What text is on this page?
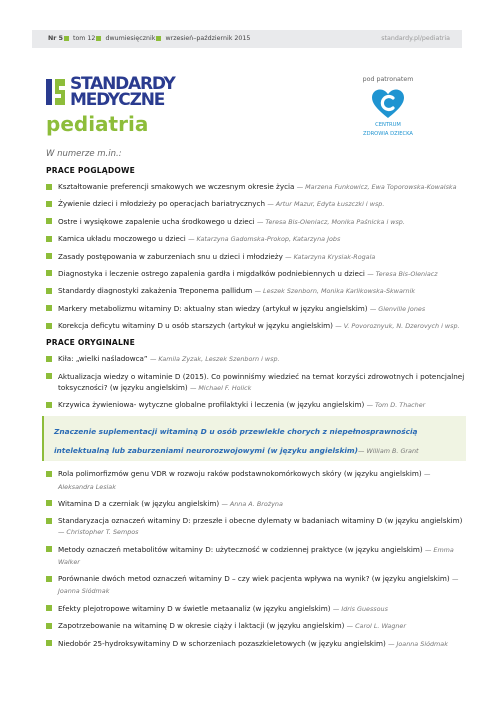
Nr 5 tom 12 dwumiesięcznik wrzesień–październik 2015	standardy.pl/pediatria
STANDARDY
MEDYCZNE
pediatria
pod patronatem
CENTRUM
ZDROWIA DZIECKA
W numerze m.in.:
PRACE POGLĄDOWE
Kształtowanie preferencji smakowych we wczesnym okresie życia — Marzena Funkowicz, Ewa Toporowska-Kowalska
Żywienie dzieci i młodzieży po operacjach bariatrycznych — Artur Mazur, Edyta Łuszczki i wsp.
Ostre i wysiękowe zapalenie ucha środkowego u dzieci — Teresa Bis-Oleniacz, Monika Paśnicka i wsp.
Kamica układu moczowego u dzieci — Katarzyna Gadomska-Prokop, Katarzyna Jobs
Zasady postępowania w zaburzeniach snu u dzieci i młodzieży — Katarzyna Krysiak-Rogala
Diagnostyka i leczenie ostrego zapalenia gardła i migdałków podniebiennych u dzieci — Teresa Bis-Oleniacz
Standardy diagnostyki zakażenia Treponema pallidum — Leszek Szenborn, Monika Karlikowska-Skwarnik
Markery metabolizmu witaminy D: aktualny stan wiedzy (artykuł w języku angielskim) — Glenville Jones
Korekcja deficytu witaminy D u osób starszych (artykuł w języku angielskim) — V. Povoroznyuk, N. Dzerovych i wsp.
PRACE ORYGINALNE
Kiła: „wielki naśladowca” — Kamila Zyzak, Leszek Szenborn i wsp.
Aktualizacja wiedzy o witaminie D (2015). Co powinniśmy wiedzieć na temat korzyści zdrowotnych i potencjalnej toksyczności? (w języku angielskim) — Michael F. Holick
Krzywica żywieniowa- wytyczne globalne profilaktyki i leczenia (w języku angielskim) — Tom D. Thacher
Znaczenie suplementacji witaminą D u osób przewlekle chorych z niepełnosprawnością intelektualną lub zaburzeniami neurorozwojowymi (w języku angielskim)— William B. Grant
Rola polimorfizmów genu VDR w rozwoju raków podstawnokomórkowych skóry (w języku angielskim) — Aleksandra Lesiak
Witamina D a czerniak (w języku angielskim) — Anna A. Brożyna
Standaryzacja oznaczeń witaminy D: przeszłe i obecne dylematy w badaniach witaminy D (w języku angielskim) — Christopher T. Sempos
Metody oznaczeń metabolitów witaminy D: użyteczność w codziennej praktyce (w języku angielskim) — Emma Walker
Porównanie dwóch metod oznaczeń witaminy D – czy wiek pacjenta wpływa na wynik? (w języku angielskim) — Joanna Siódmak
Efekty plejotropowe witaminy D w świetle metaanaliz (w języku angielskim) — Idris Guessous
Zapotrzebowanie na witaminę D w okresie ciąży i laktacji (w języku angielskim) — Carol L. Wagner
Niedobór 25-hydroksywitaminy D w schorzeniach pozaszkieletowych (w języku angielskim) — Joanna Siódmak
